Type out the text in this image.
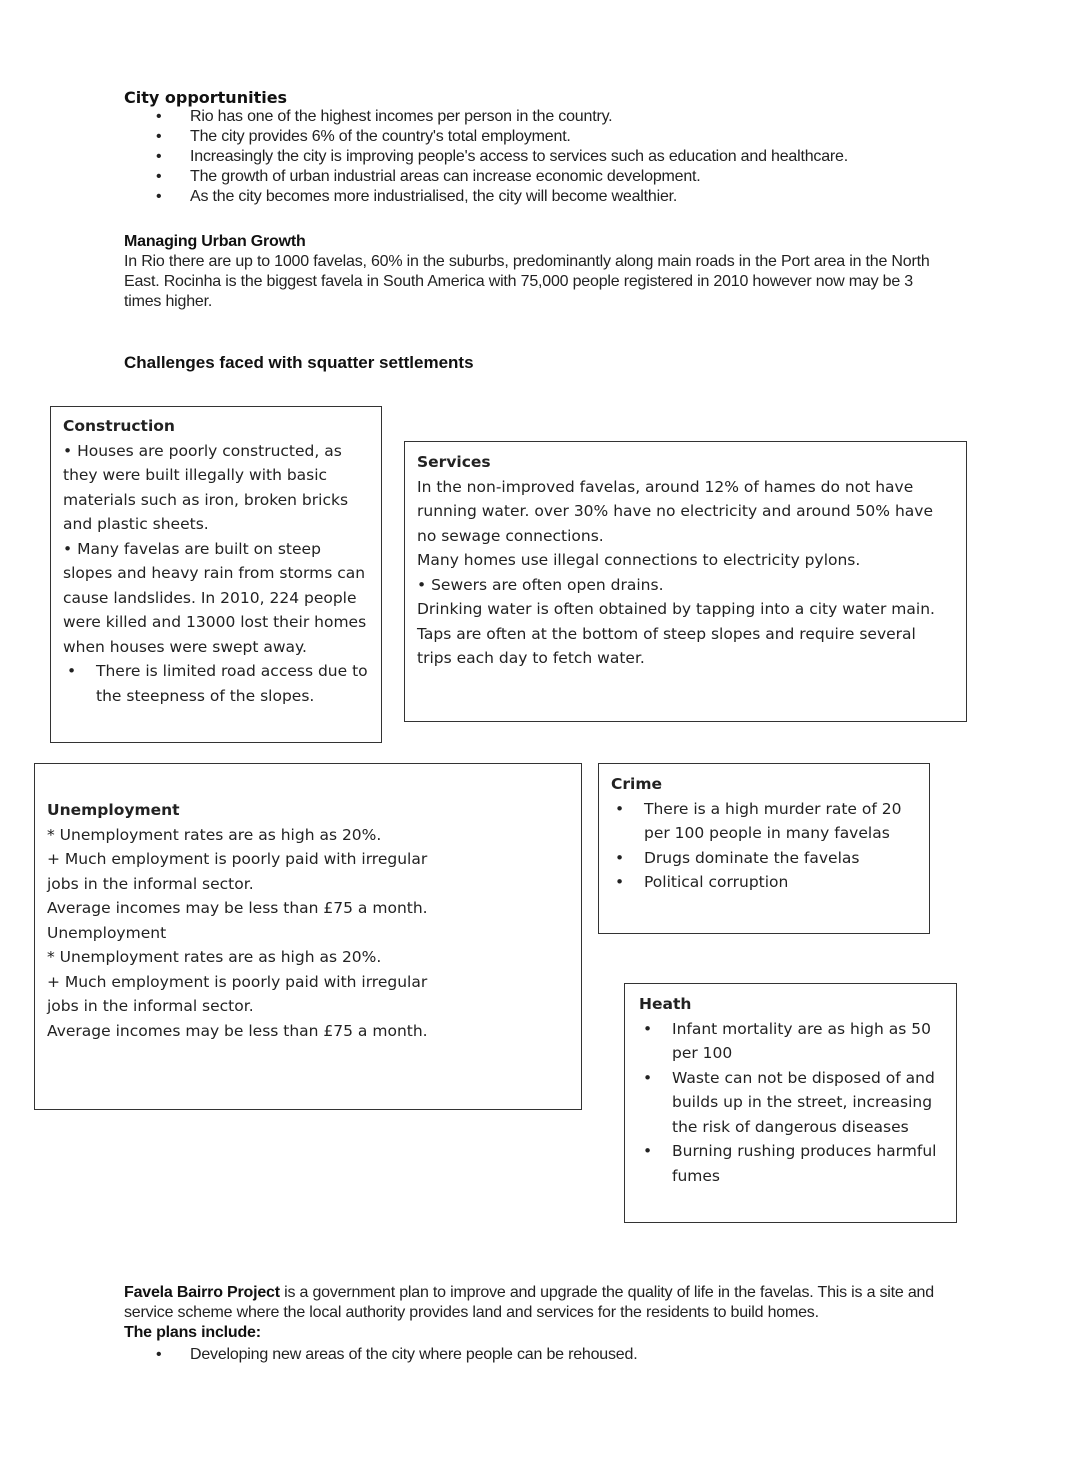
City opportunities
• Rio has one of the highest incomes per person in the country.
• The city provides 6% of the country's total employment.
• Increasingly the city is improving people's access to services such as education and healthcare.
• The growth of urban industrial areas can increase economic development.
• As the city becomes more industrialised, the city will become wealthier.
Managing Urban Growth

In Rio there are up to 1000 favelas, 60% in the suburbs, predominantly along main roads in the Port area in the North East. Rocinha is the biggest favela in South America with 75,000 people registered in 2010 however now may be 3 times higher.

Challenges faced with squatter settlements
Construction

• Houses are poorly constructed, as they were built illegally with basic materials such as iron, broken bricks and plastic sheets.

• Many favelas are built on steep slopes and heavy rain from storms can cause landslides. In 2010, 224 people were killed and 13000 lost their homes when houses were swept away.

• There is limited road access due to the steepness of the slopes.
Services

In the non-improved favelas, around 12% of hames do not have running water. over 30% have no electricity and around 50% have no sewage connections.

Many homes use illegal connections to electricity pylons.

• Sewers are often open drains.

Drinking water is often obtained by tapping into a city water main. Taps are often at the bottom of steep slopes and require several trips each day to fetch water.

Unemployment

* Unemployment rates are as high as 20%.

+ Much employment is poorly paid with irregular jobs in the informal sector.

Average incomes may be less than £75 a month.

Unemployment

* Unemployment rates are as high as 20%.

+ Much employment is poorly paid with irregular jobs in the informal sector.

Average incomes may be less than £75 a month.

Crime
• There is a high murder rate of 20 per 100 people in many favelas
• Drugs dominate the favelas
• Political corruption
Heath
• Infant mortality are as high as 50 per 100
• Waste can not be disposed of and builds up in the street, increasing the risk of dangerous diseases
• Burning rushing produces harmful fumes

Favela Bairro Project is a government plan to improve and upgrade the quality of life in the favelas. This is a site and service scheme where the local authority provides land and services for the residents to build homes.

The plans include:
• Developing new areas of the city where people can be rehoused.
